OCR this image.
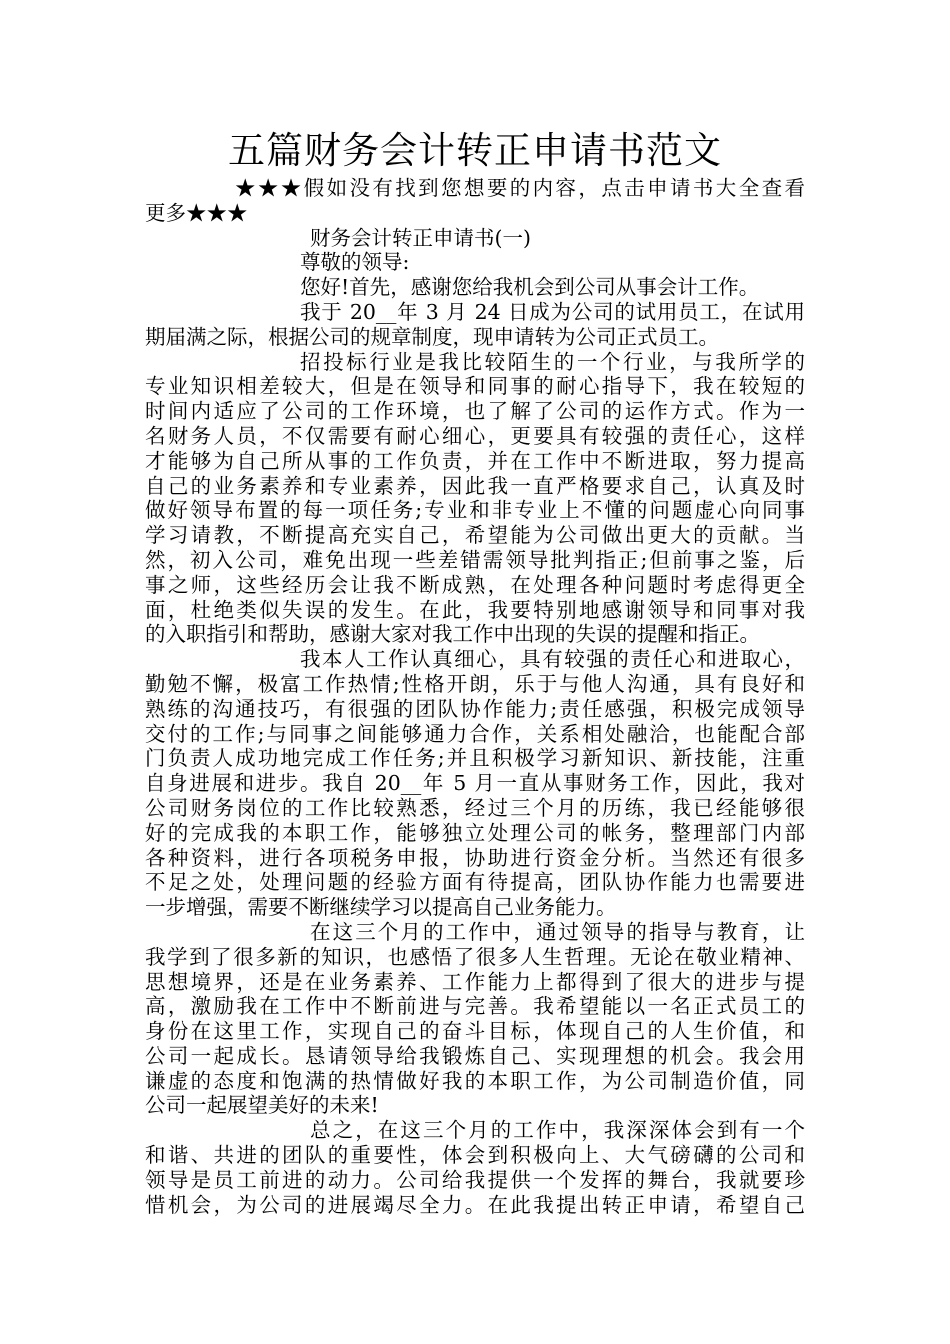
五篇财务会计转正申请书范文
★★★假如没有找到您想要的内容，点击申请书大全查看
更多★★★
财务会计转正申请书(一)
尊敬的领导:
您好!首先，感谢您给我机会到公司从事会计工作。
我于 20__年 3 月 24 日成为公司的试用员工，在试用
期届满之际，根据公司的规章制度，现申请转为公司正式员工。
招投标行业是我比较陌生的一个行业，与我所学的
专业知识相差较大，但是在领导和同事的耐心指导下，我在较短的
时间内适应了公司的工作环境，也了解了公司的运作方式。作为一
名财务人员，不仅需要有耐心细心，更要具有较强的责任心，这样
才能够为自己所从事的工作负责，并在工作中不断进取，努力提高
自己的业务素养和专业素养，因此我一直严格要求自己，认真及时
做好领导布置的每一项任务;专业和非专业上不懂的问题虚心向同事
学习请教，不断提高充实自己，希望能为公司做出更大的贡献。当
然，初入公司，难免出现一些差错需领导批判指正;但前事之鉴，后
事之师，这些经历会让我不断成熟，在处理各种问题时考虑得更全
面，杜绝类似失误的发生。在此，我要特别地感谢领导和同事对我
的入职指引和帮助，感谢大家对我工作中出现的失误的提醒和指正。
我本人工作认真细心，具有较强的责任心和进取心，
勤勉不懈，极富工作热情;性格开朗，乐于与他人沟通，具有良好和
熟练的沟通技巧，有很强的团队协作能力;责任感强，积极完成领导
交付的工作;与同事之间能够通力合作，关系相处融洽，也能配合部
门负责人成功地完成工作任务;并且积极学习新知识、新技能，注重
自身进展和进步。我自 20__年 5 月一直从事财务工作，因此，我对
公司财务岗位的工作比较熟悉，经过三个月的历练，我已经能够很
好的完成我的本职工作，能够独立处理公司的帐务，整理部门内部
各种资料，进行各项税务申报，协助进行资金分析。当然还有很多
不足之处，处理问题的经验方面有待提高，团队协作能力也需要进
一步增强，需要不断继续学习以提高自己业务能力。
在这三个月的工作中，通过领导的指导与教育，让
我学到了很多新的知识，也感悟了很多人生哲理。无论在敬业精神、
思想境界，还是在业务素养、工作能力上都得到了很大的进步与提
高，激励我在工作中不断前进与完善。我希望能以一名正式员工的
身份在这里工作，实现自己的奋斗目标，体现自己的人生价值，和
公司一起成长。恳请领导给我锻炼自己、实现理想的机会。我会用
谦虚的态度和饱满的热情做好我的本职工作，为公司制造价值，同
公司一起展望美好的未来!
总之，在这三个月的工作中，我深深体会到有一个
和谐、共进的团队的重要性，体会到积极向上、大气磅礴的公司和
领导是员工前进的动力。公司给我提供一个发挥的舞台，我就要珍
惜机会，为公司的进展竭尽全力。在此我提出转正申请，希望自己
